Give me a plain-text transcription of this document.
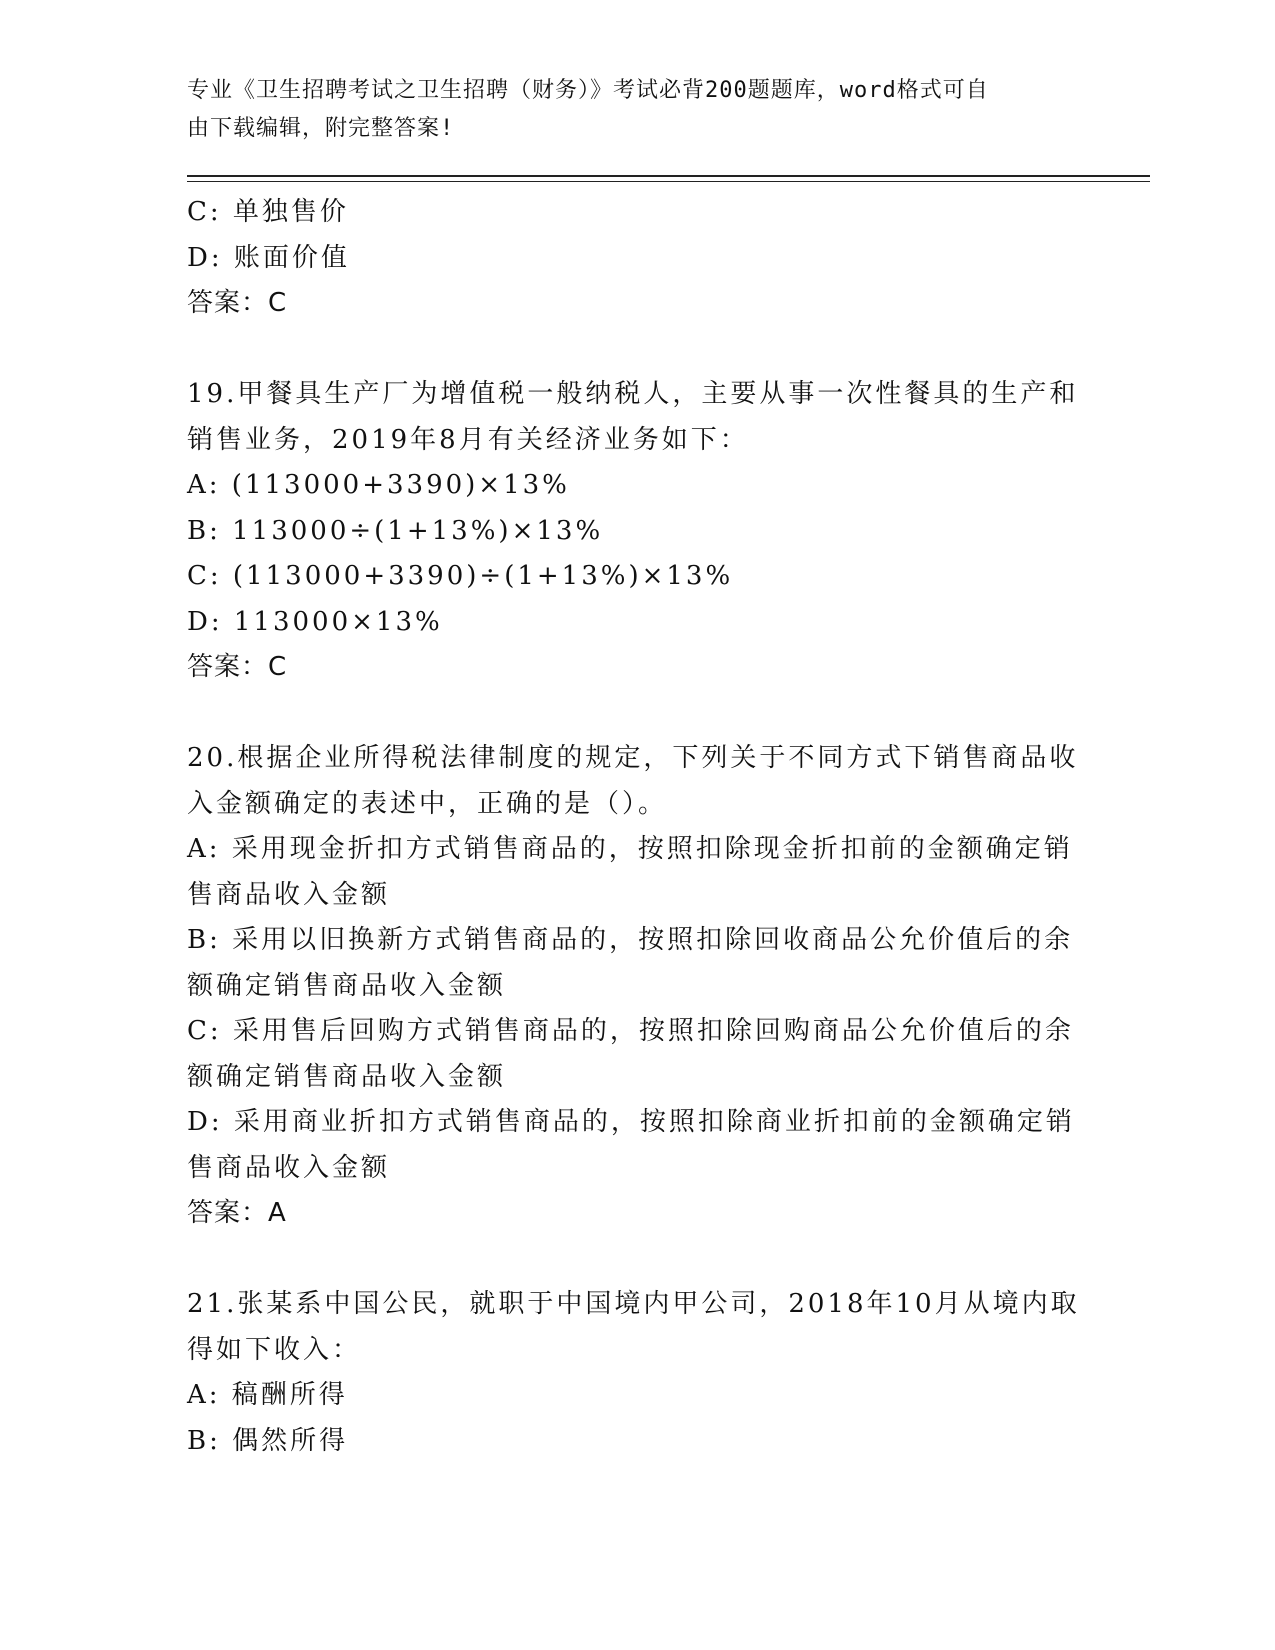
专业《卫生招聘考试之卫生招聘（财务）》考试必背200题题库，word格式可自
由下载编辑，附完整答案!
C: 单独售价
D: 账面价值
答案：C
19.甲餐具生产厂为增值税一般纳税人，主要从事一次性餐具的生产和
销售业务，2019年8月有关经济业务如下：
A: (113000+3390)×13%
B: 113000÷(1+13%)×13%
C: (113000+3390)÷(1+13%)×13%
D: 113000×13%
答案：C
20.根据企业所得税法律制度的规定，下列关于不同方式下销售商品收
入金额确定的表述中，正确的是（）。
A: 采用现金折扣方式销售商品的，按照扣除现金折扣前的金额确定销
售商品收入金额
B: 采用以旧换新方式销售商品的，按照扣除回收商品公允价值后的余
额确定销售商品收入金额
C: 采用售后回购方式销售商品的，按照扣除回购商品公允价值后的余
额确定销售商品收入金额
D: 采用商业折扣方式销售商品的，按照扣除商业折扣前的金额确定销
售商品收入金额
答案：A
21.张某系中国公民，就职于中国境内甲公司，2018年10月从境内取
得如下收入：
A: 稿酬所得
B: 偶然所得
